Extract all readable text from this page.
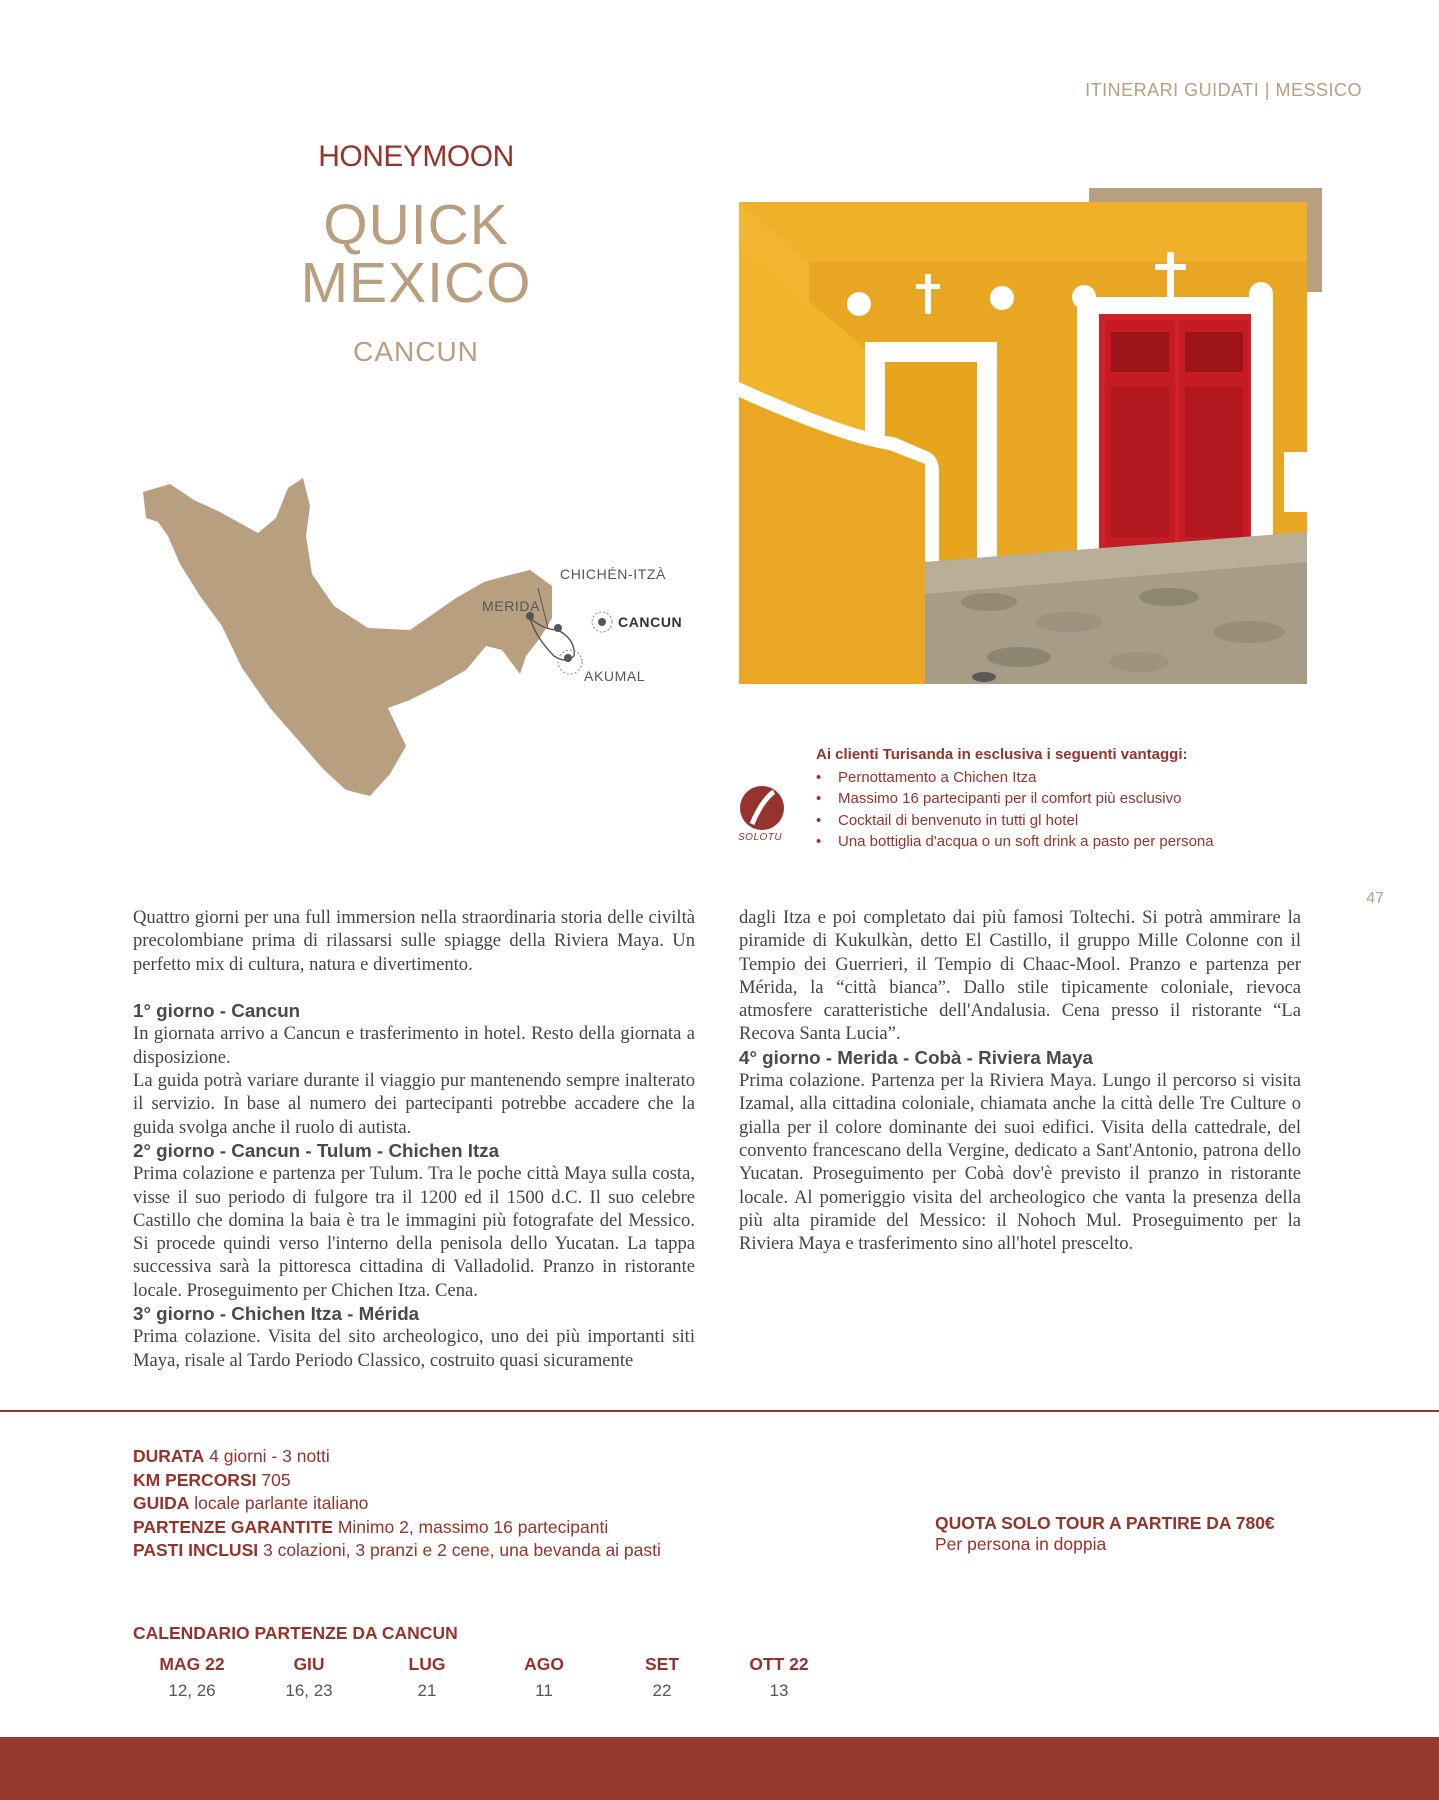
ITINERARI GUIDATI | MESSICO
HONEYMOON
QUICK
MEXICO
CANCUN
CHICHÉN-ITZÀ
MERIDA
CANCUN
AKUMAL
SOLOTU
Ai clienti Turisanda in esclusiva i seguenti vantaggi:
• Pernottamento a Chichen Itza
• Massimo 16 partecipanti per il comfort più esclusivo
• Cocktail di benvenuto in tutti gl hotel
• Una bottiglia d'acqua o un soft drink a pasto per persona
47

Quattro giorni per una full immersion nella straordinaria storia delle civiltà precolombiane prima di rilassarsi sulle spiagge della Riviera Maya. Un perfetto mix di cultura, natura e divertimento.

1° giorno - Cancun

In giornata arrivo a Cancun e trasferimento in hotel. Resto della giornata a disposizione.

La guida potrà variare durante il viaggio pur mantenendo sempre inalterato il servizio. In base al numero dei partecipanti potrebbe accadere che la guida svolga anche il ruolo di autista.

2° giorno - Cancun - Tulum - Chichen Itza

Prima colazione e partenza per Tulum. Tra le poche città Maya sulla costa, visse il suo periodo di fulgore tra il 1200 ed il 1500 d.C. Il suo celebre Castillo che domina la baia è tra le immagini più fotografate del Messico. Si procede quindi verso l'interno della penisola dello Yucatan. La tappa successiva sarà la pittoresca cittadina di Valladolid. Pranzo in ristorante locale. Proseguimento per Chichen Itza. Cena.

3° giorno - Chichen Itza - Mérida

Prima colazione. Visita del sito archeologico, uno dei più importanti siti Maya, risale al Tardo Periodo Classico, costruito quasi sicuramente

dagli Itza e poi completato dai più famosi Toltechi. Si potrà ammirare la piramide di Kukulkàn, detto El Castillo, il gruppo Mille Colonne con il Tempio dei Guerrieri, il Tempio di Chaac-Mool. Pranzo e partenza per Mérida, la “città bianca”. Dallo stile tipicamente coloniale, rievoca atmosfere caratteristiche dell'Andalusia. Cena presso il ristorante “La Recova Santa Lucia”.

4° giorno - Merida - Cobà - Riviera Maya

Prima colazione. Partenza per la Riviera Maya. Lungo il percorso si visita Izamal, alla cittadina coloniale, chiamata anche la città delle Tre Culture o gialla per il colore dominante dei suoi edifici. Visita della cattedrale, del convento francescano della Vergine, dedicato a Sant'Antonio, patrona dello Yucatan. Proseguimento per Cobà dov'è previsto il pranzo in ristorante locale. Al pomeriggio visita del archeologico che vanta la presenza della più alta piramide del Messico: il Nohoch Mul. Proseguimento per la Riviera Maya e trasferimento sino all'hotel prescelto.

DURATA 4 giorni - 3 notti
KM PERCORSI 705
GUIDA locale parlante italiano
PARTENZE GARANTITE Minimo 2, massimo 16 partecipanti
PASTI INCLUSI 3 colazioni, 3 pranzi e 2 cene, una bevanda ai pasti
QUOTA SOLO TOUR A PARTIRE DA 780€
Per persona in doppia
CALENDARIO PARTENZE DA CANCUN
MAG 22
12, 26
GIU
16, 23
LUG
21
AGO
11
SET
22
OTT 22
13
